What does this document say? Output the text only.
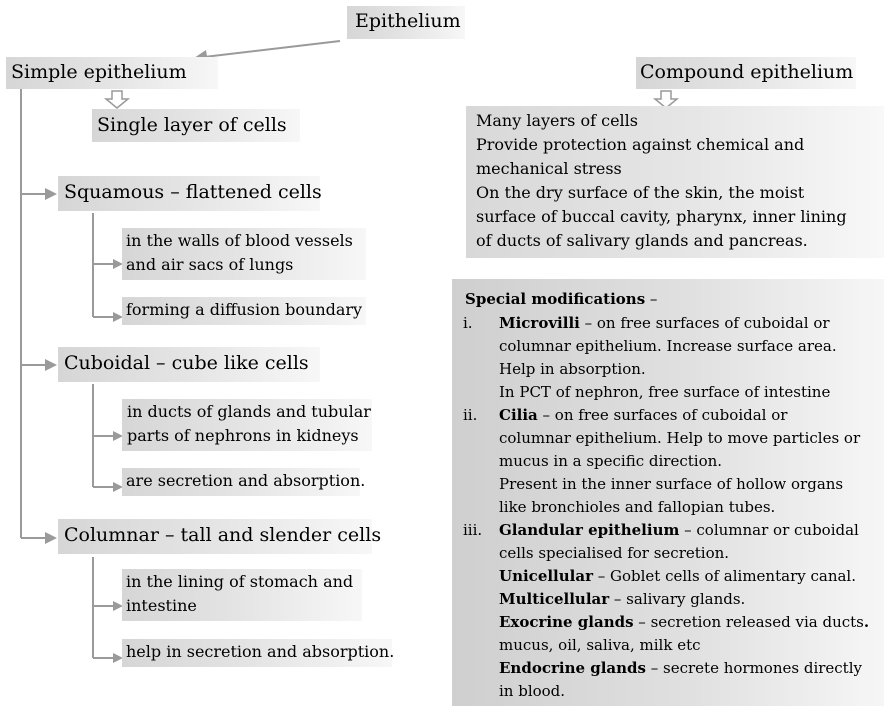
Epithelium
Simple epithelium
Single layer of cells
Squamous – flattened cells
in the walls of blood vessels
and air sacs of lungs
forming a diffusion boundary
Cuboidal – cube like cells
in ducts of glands and tubular
parts of nephrons in kidneys
are secretion and absorption.
Columnar – tall and slender cells
in the lining of stomach and
intestine
help in secretion and absorption.
Compound epithelium
Many layers of cells
Provide protection against chemical and
mechanical stress
On the dry surface of the skin, the moist
surface of buccal cavity, pharynx, inner lining
of ducts of salivary glands and pancreas.
Special modifications –
i. Microvilli – on free surfaces of cuboidal or
columnar epithelium. Increase surface area.
Help in absorption.
In PCT of nephron, free surface of intestine
ii. Cilia – on free surfaces of cuboidal or
columnar epithelium. Help to move particles or
mucus in a specific direction.
Present in the inner surface of hollow organs
like bronchioles and fallopian tubes.
iii. Glandular epithelium – columnar or cuboidal
cells specialised for secretion.
Unicellular – Goblet cells of alimentary canal.
Multicellular – salivary glands.
Exocrine glands – secretion released via ducts.
mucus, oil, saliva, milk etc
Endocrine glands – secrete hormones directly
in blood.
